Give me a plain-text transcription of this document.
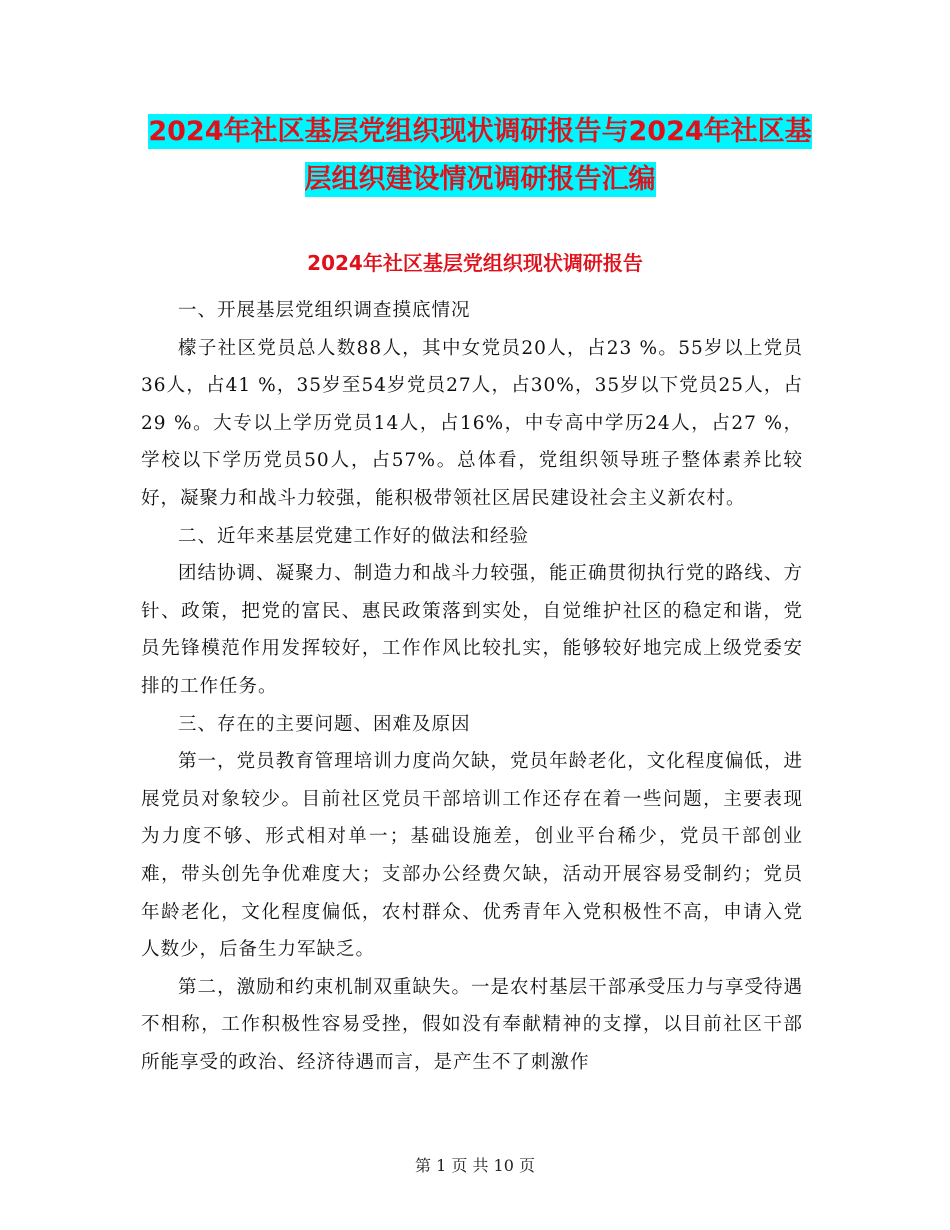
2024年社区基层党组织现状调研报告与2024年社区基
层组织建设情况调研报告汇编
2024年社区基层党组织现状调研报告

一、开展基层党组织调查摸底情况

檬子社区党员总人数88人，其中女党员20人，占23 %。55岁以上党员36人，占41 %，35岁至54岁党员27人，占30%，35岁以下党员25人，占29 %。大专以上学历党员14人，占16%，中专高中学历24人，占27 %，学校以下学历党员50人，占57%。总体看，党组织领导班子整体素养比较好，凝聚力和战斗力较强，能积极带领社区居民建设社会主义新农村。

二、近年来基层党建工作好的做法和经验

团结协调、凝聚力、制造力和战斗力较强，能正确贯彻执行党的路线、方针、政策，把党的富民、惠民政策落到实处，自觉维护社区的稳定和谐，党员先锋模范作用发挥较好，工作作风比较扎实，能够较好地完成上级党委安排的工作任务。

三、存在的主要问题、困难及原因

第一，党员教育管理培训力度尚欠缺，党员年龄老化，文化程度偏低，进展党员对象较少。目前社区党员干部培训工作还存在着一些问题，主要表现为力度不够、形式相对单一；基础设施差，创业平台稀少，党员干部创业难，带头创先争优难度大；支部办公经费欠缺，活动开展容易受制约；党员年龄老化，文化程度偏低，农村群众、优秀青年入党积极性不高，申请入党人数少，后备生力军缺乏。

第二，激励和约束机制双重缺失。一是农村基层干部承受压力与享受待遇不相称，工作积极性容易受挫，假如没有奉献精神的支撑，以目前社区干部所能享受的政治、经济待遇而言，是产生不了刺激作

第 1 页 共 10 页
